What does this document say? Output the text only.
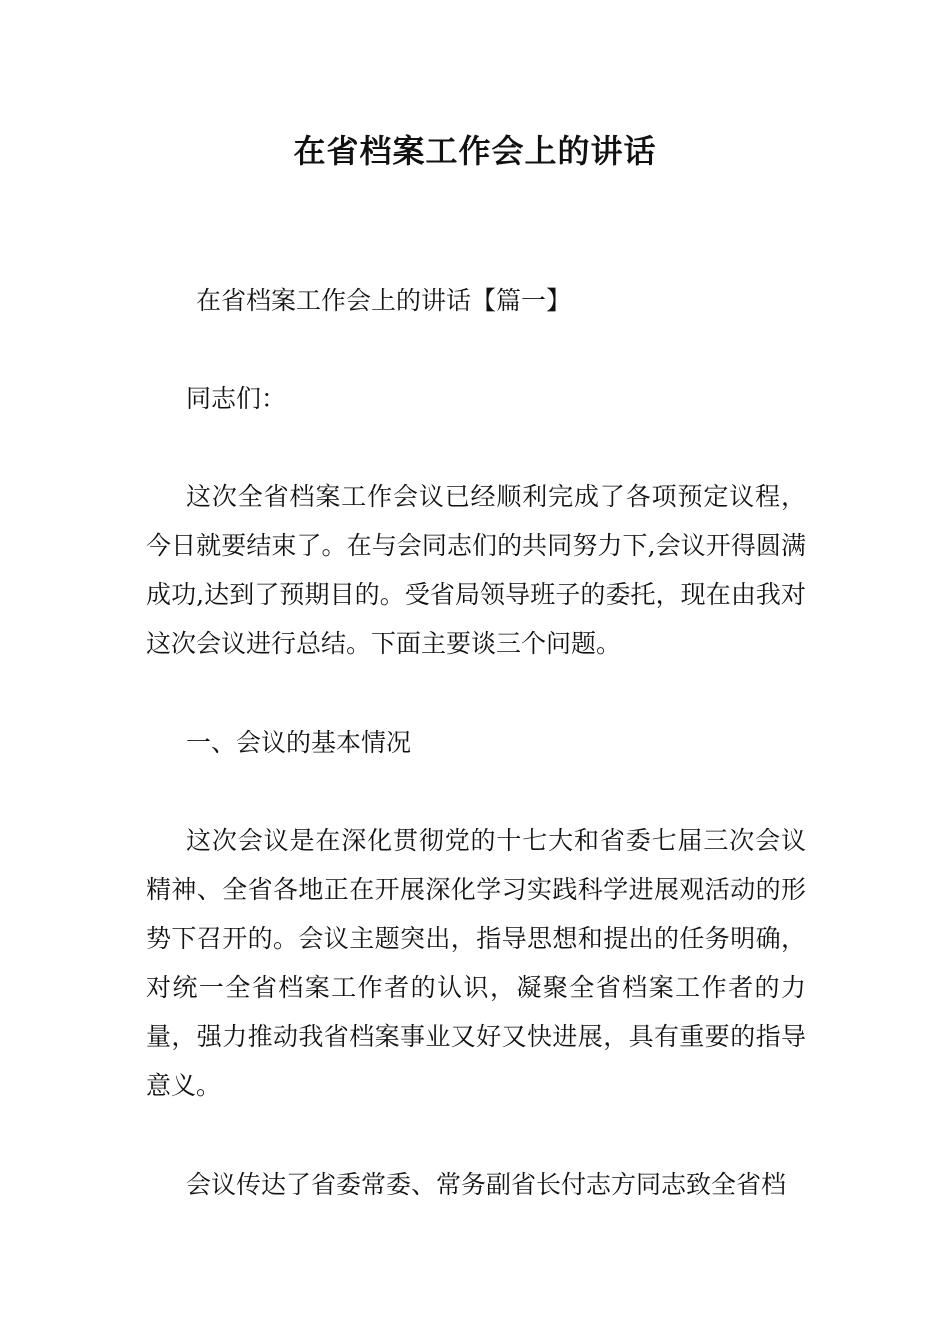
在省档案工作会上的讲话

在省档案工作会上的讲话【篇一】

同志们：

这次全省档案工作会议已经顺利完成了各项预定议程，今日就要结束了。在与会同志们的共同努力下,会议开得圆满成功,达到了预期目的。受省局领导班子的委托，现在由我对这次会议进行总结。下面主要谈三个问题。

一、会议的基本情况

这次会议是在深化贯彻党的十七大和省委七届三次会议精神、全省各地正在开展深化学习实践科学进展观活动的形势下召开的。会议主题突出，指导思想和提出的任务明确，对统一全省档案工作者的认识，凝聚全省档案工作者的力量，强力推动我省档案事业又好又快进展，具有重要的指导意义。

会议传达了省委常委、常务副省长付志方同志致全省档
